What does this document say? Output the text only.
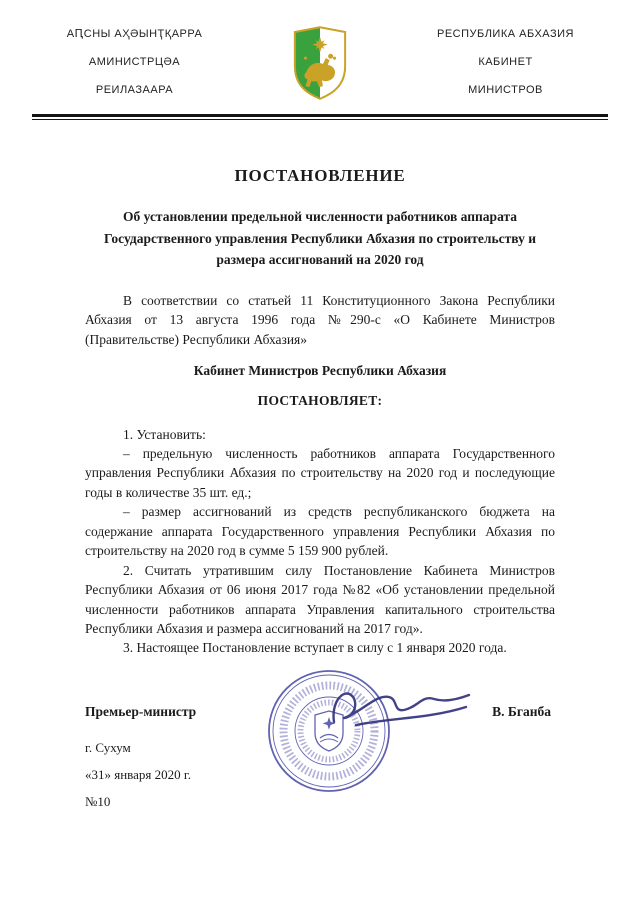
АԤСНЫ АҲӘЫНҬҚАРРА
АМИНИСТРЦӘА
РЕИЛАЗААРА
РЕСПУБЛИКА АБХАЗИЯ
КАБИНЕТ
МИНИСТРОВ
ПОСТАНОВЛЕНИЕ
Об установлении предельной численности работников аппарата Государственного управления Республики Абхазия по строительству и размера ассигнований на 2020 год

В соответствии со статьей 11 Конституционного Закона Республики Абхазия от 13 августа 1996 года №290-с «О Кабинете Министров (Правительстве) Республики Абхазия»

Кабинет Министров Республики Абхазия

ПОСТАНОВЛЯЕТ:

1. Установить:

– предельную численность работников аппарата Государственного управления Республики Абхазия по строительству на 2020 год и последующие годы в количестве 35 шт. ед.;

– размер ассигнований из средств республиканского бюджета на содержание аппарата Государственного управления Республики Абхазия по строительству на 2020 год в сумме 5 159 900 рублей.

2. Считать утратившим силу Постановление Кабинета Министров Республики Абхазия от 06 июня 2017 года №82 «Об установлении предельной численности работников аппарата Управления капитального строительства Республики Абхазия и размера ассигнований на 2017 год».

3. Настоящее Постановление вступает в силу с 1 января 2020 года.

Премьер-министр	В. Бганба
г. Сухум
«31» января 2020 г.
№10
